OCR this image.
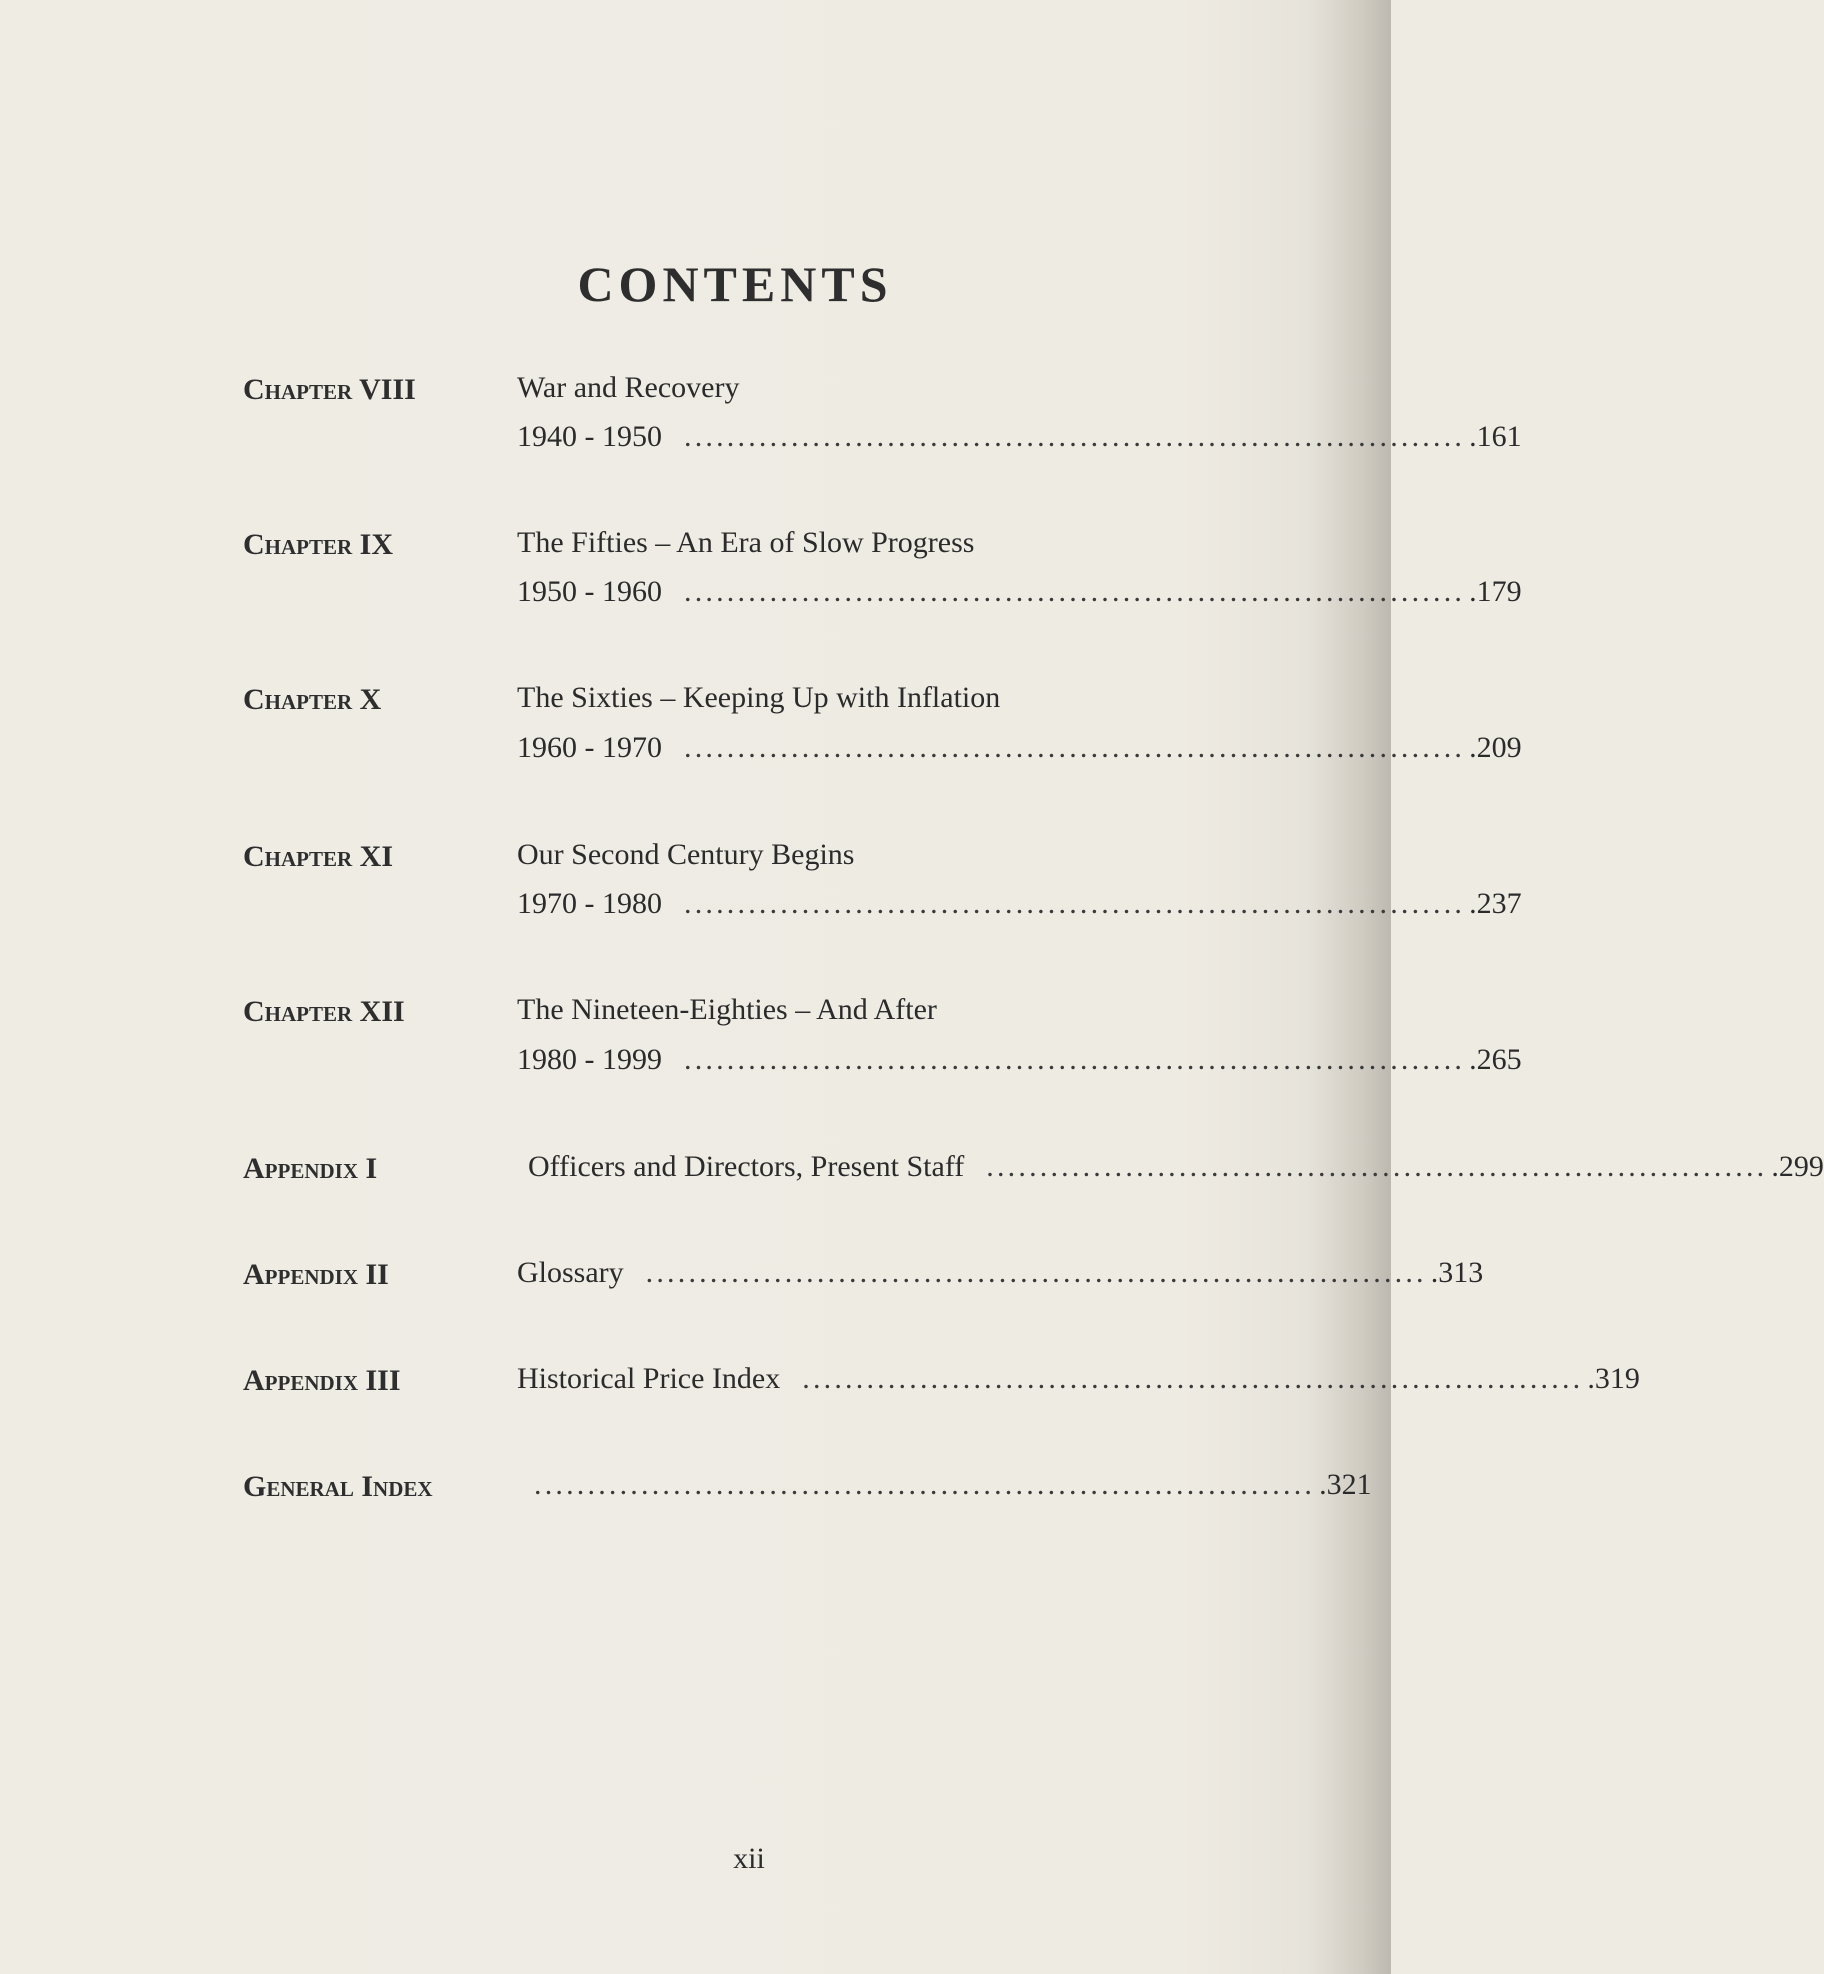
CONTENTS
Chapter VIII	War and Recovery
1940 - 1950 ......................................................................... .161
Chapter IX	The Fifties – An Era of Slow Progress
1950 - 1960 ......................................................................... .179
Chapter X	The Sixties – Keeping Up with Inflation
1960 - 1970 ......................................................................... .209
Chapter XI	Our Second Century Begins
1970 - 1980 ......................................................................... .237
Chapter XII	The Nineteen-Eighties – And After
1980 - 1999 ......................................................................... .265
Appendix I	Officers and Directors, Present Staff ......................................................................... .299
Appendix II	Glossary ......................................................................... .313
Appendix III	Historical Price Index ......................................................................... .319
General Index	......................................................................... .321
xii
